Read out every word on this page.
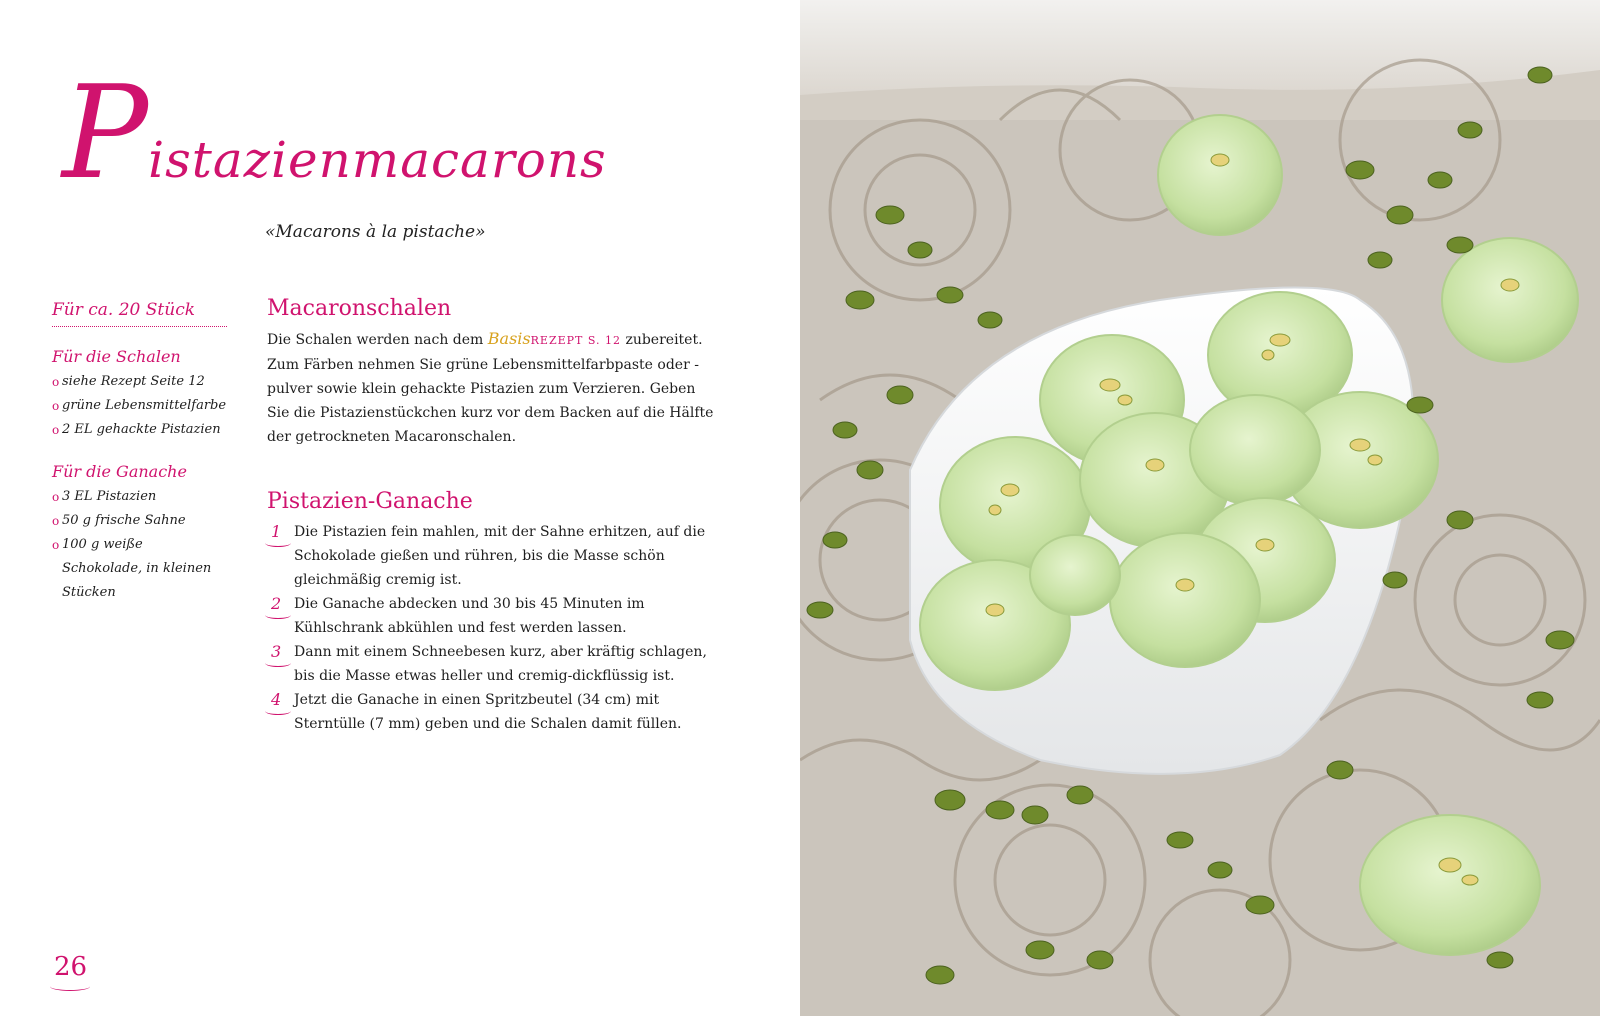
Pistazienmacarons
«Macarons à la pistache»
Für ca. 20 Stück
Für die Schalen
o siehe Rezept Seite 12
o grüne Lebensmittelfarbe
o 2 EL gehackte Pistazien
Für die Ganache
o 3 EL Pistazien
o 50 g frische Sahne
o 100 g weiße Schokolade, in kleinen Stücken
Macaronschalen

Die Schalen werden nach dem BasisREZEPT S. 12 zubereitet. Zum Färben nehmen Sie grüne Lebensmittelfarbpaste oder -pulver sowie klein gehackte Pistazien zum Verzieren. Geben Sie die Pistazienstückchen kurz vor dem Backen auf die Hälfte der getrockneten Macaronschalen.

Pistazien-Ganache

1 Die Pistazien fein mahlen, mit der Sahne erhitzen, auf die Schokolade gießen und rühren, bis die Masse schön gleichmäßig cremig ist.

2 Die Ganache abdecken und 30 bis 45 Minuten im Kühlschrank abkühlen und fest werden lassen.

3 Dann mit einem Schneebesen kurz, aber kräftig schlagen, bis die Masse etwas heller und cremig-dickflüssig ist.

4 Jetzt die Ganache in einen Spritzbeutel (34 cm) mit Sterntülle (7 mm) geben und die Schalen damit füllen.

26
